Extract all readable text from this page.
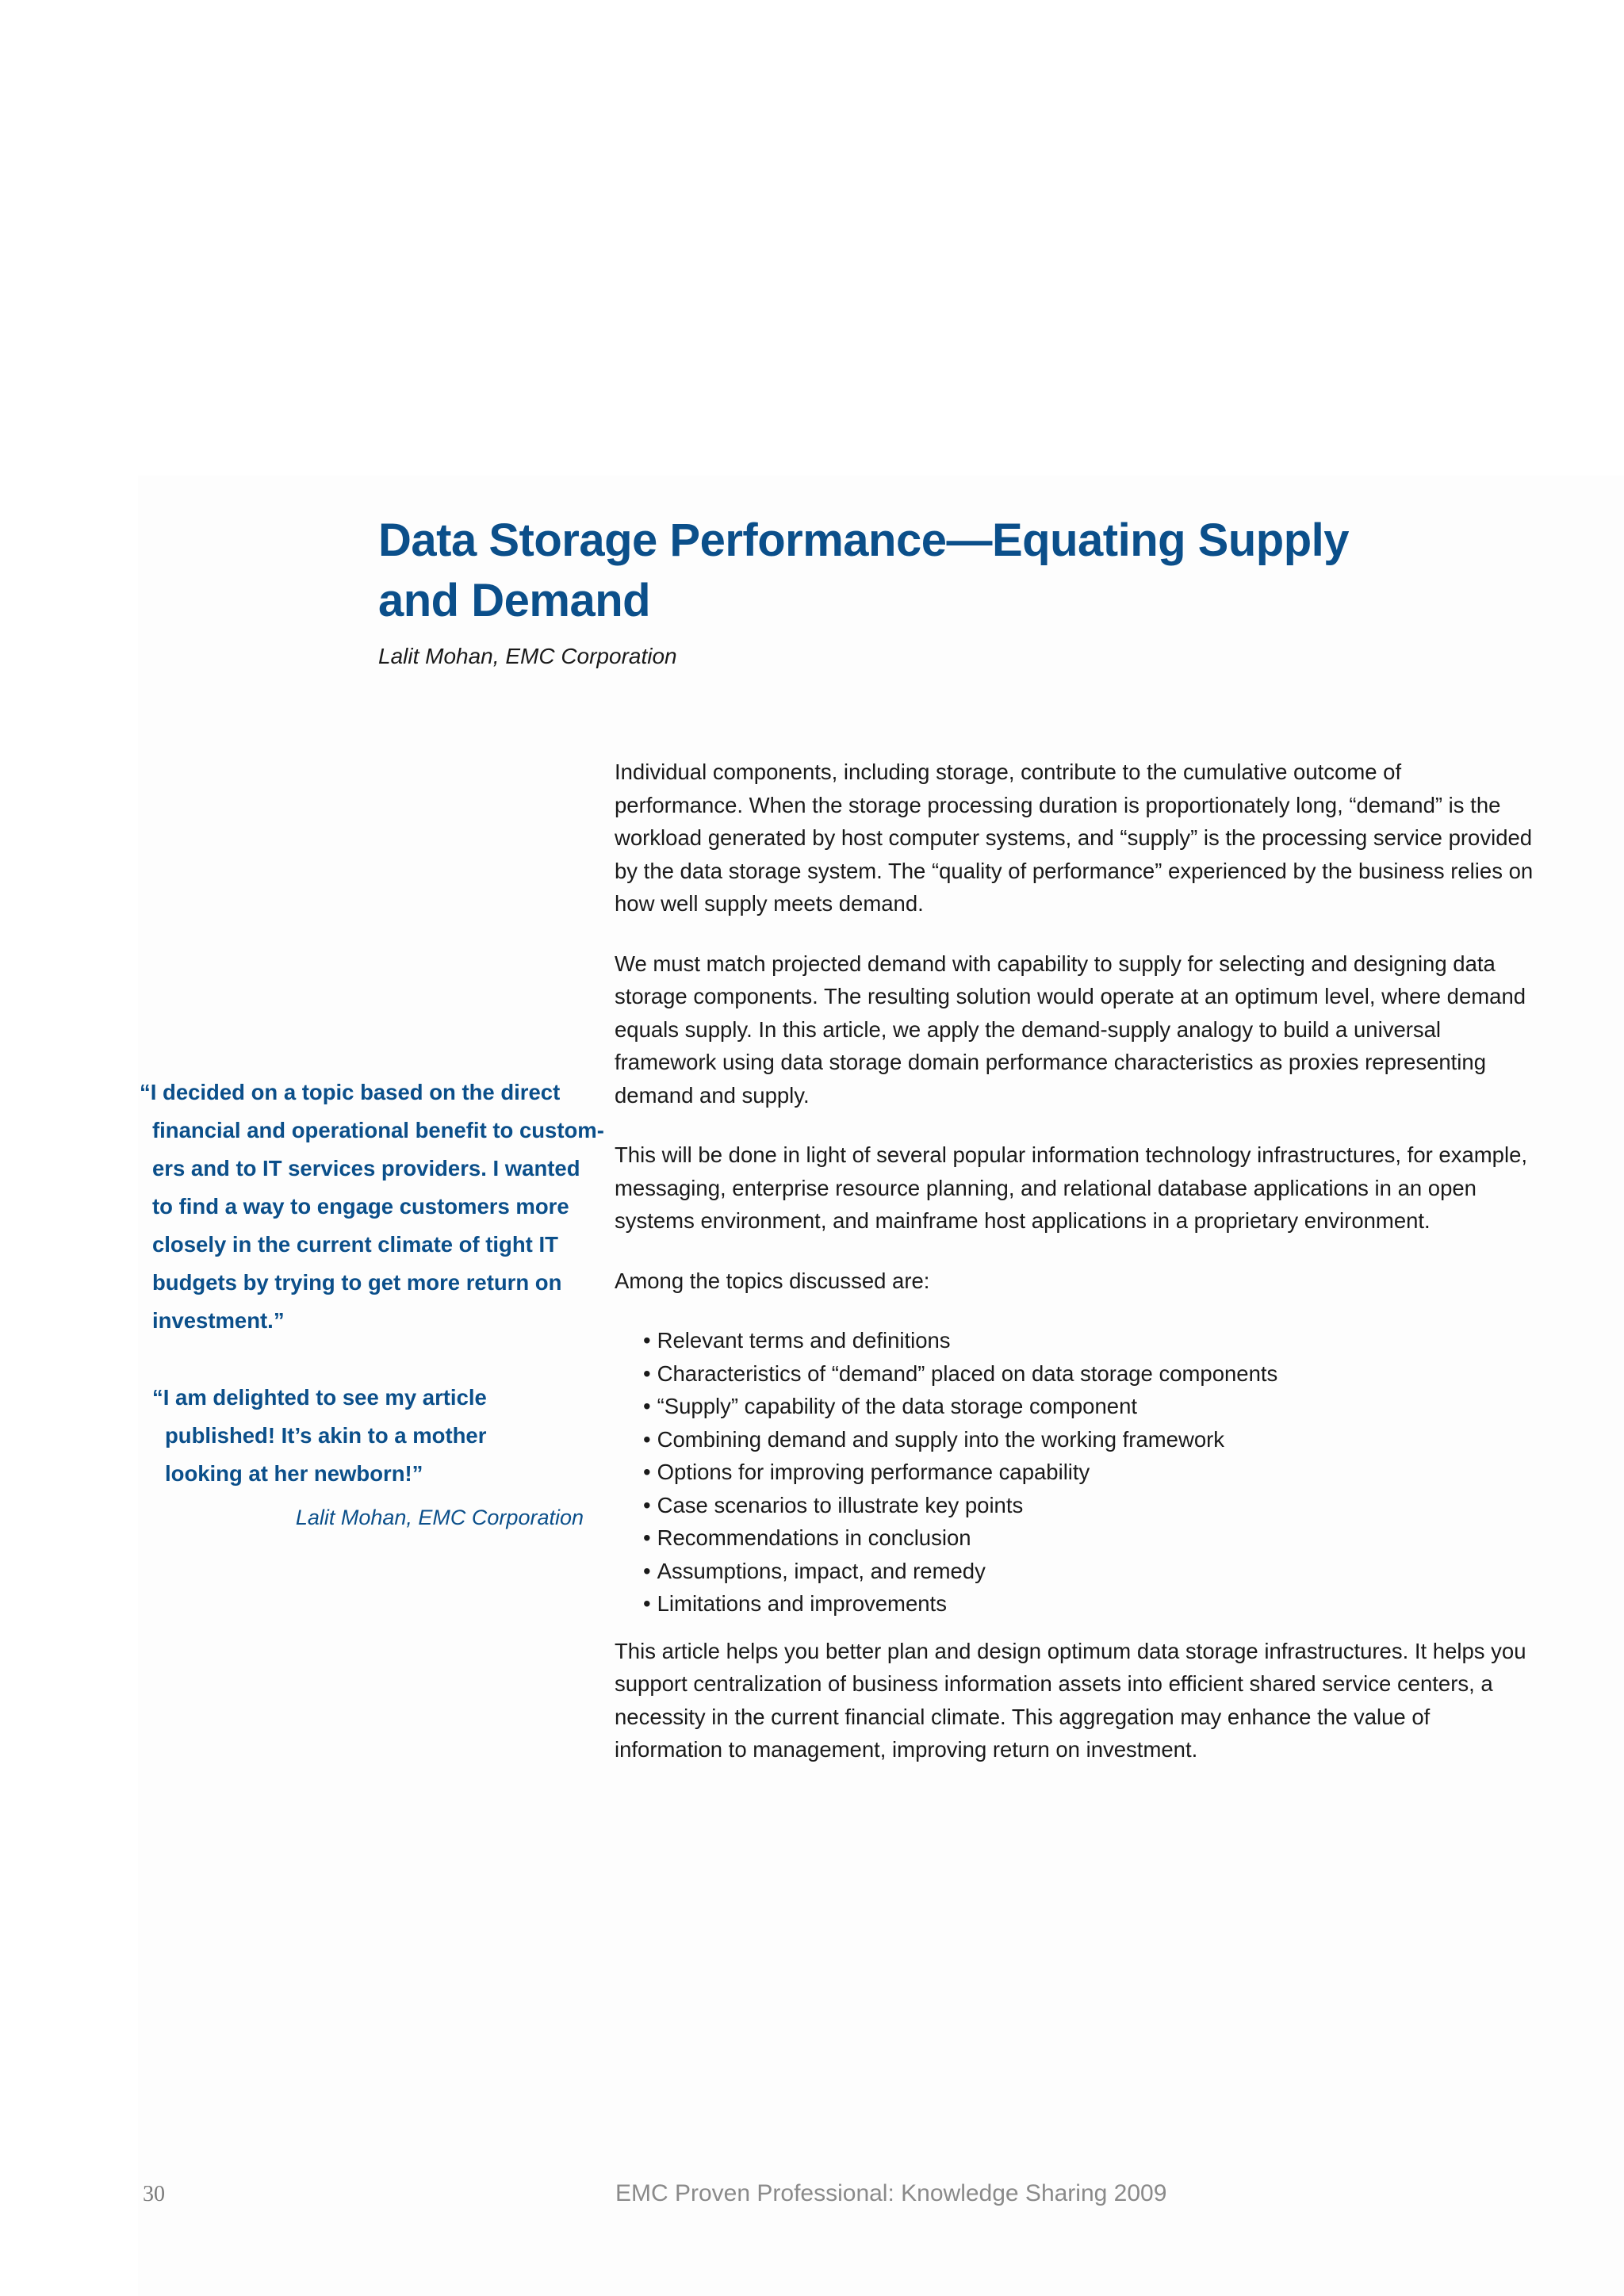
Data Storage Performance—Equating Supply and Demand
Lalit Mohan, EMC Corporation
“I decided on a topic based on the direct
financial and operational benefit to custom-
ers and to IT services providers. I wanted
to find a way to engage customers more
closely in the current climate of tight IT
budgets by trying to get more return on
investment.”
“I am delighted to see my article
published! It’s akin to a mother
looking at her newborn!”
Lalit Mohan, EMC Corporation

Individual components, including storage, contribute to the cumulative outcome of performance. When the storage processing duration is proportionately long, “demand” is the workload generated by host computer systems, and “supply” is the processing service provided by the data storage system. The “quality of performance” experienced by the business relies on how well supply meets demand.

We must match projected demand with capability to supply for selecting and designing data storage components. The resulting solution would operate at an optimum level, where demand equals supply. In this article, we apply the demand-supply analogy to build a universal framework using data storage domain performance characteristics as proxies representing demand and supply.

This will be done in light of several popular information technology infrastructures, for example, messaging, enterprise resource planning, and relational database applications in an open systems environment, and mainframe host applications in a proprietary environment.

Among the topics discussed are:

• Relevant terms and definitions
• Characteristics of “demand” placed on data storage components
• “Supply” capability of the data storage component
• Combining demand and supply into the working framework
• Options for improving performance capability
• Case scenarios to illustrate key points
• Recommendations in conclusion
• Assumptions, impact, and remedy
• Limitations and improvements

This article helps you better plan and design optimum data storage infrastructures. It helps you support centralization of business information assets into efficient shared service centers, a necessity in the current financial climate. This aggregation may enhance the value of information to management, improving return on investment.

30	EMC Proven Professional: Knowledge Sharing 2009
